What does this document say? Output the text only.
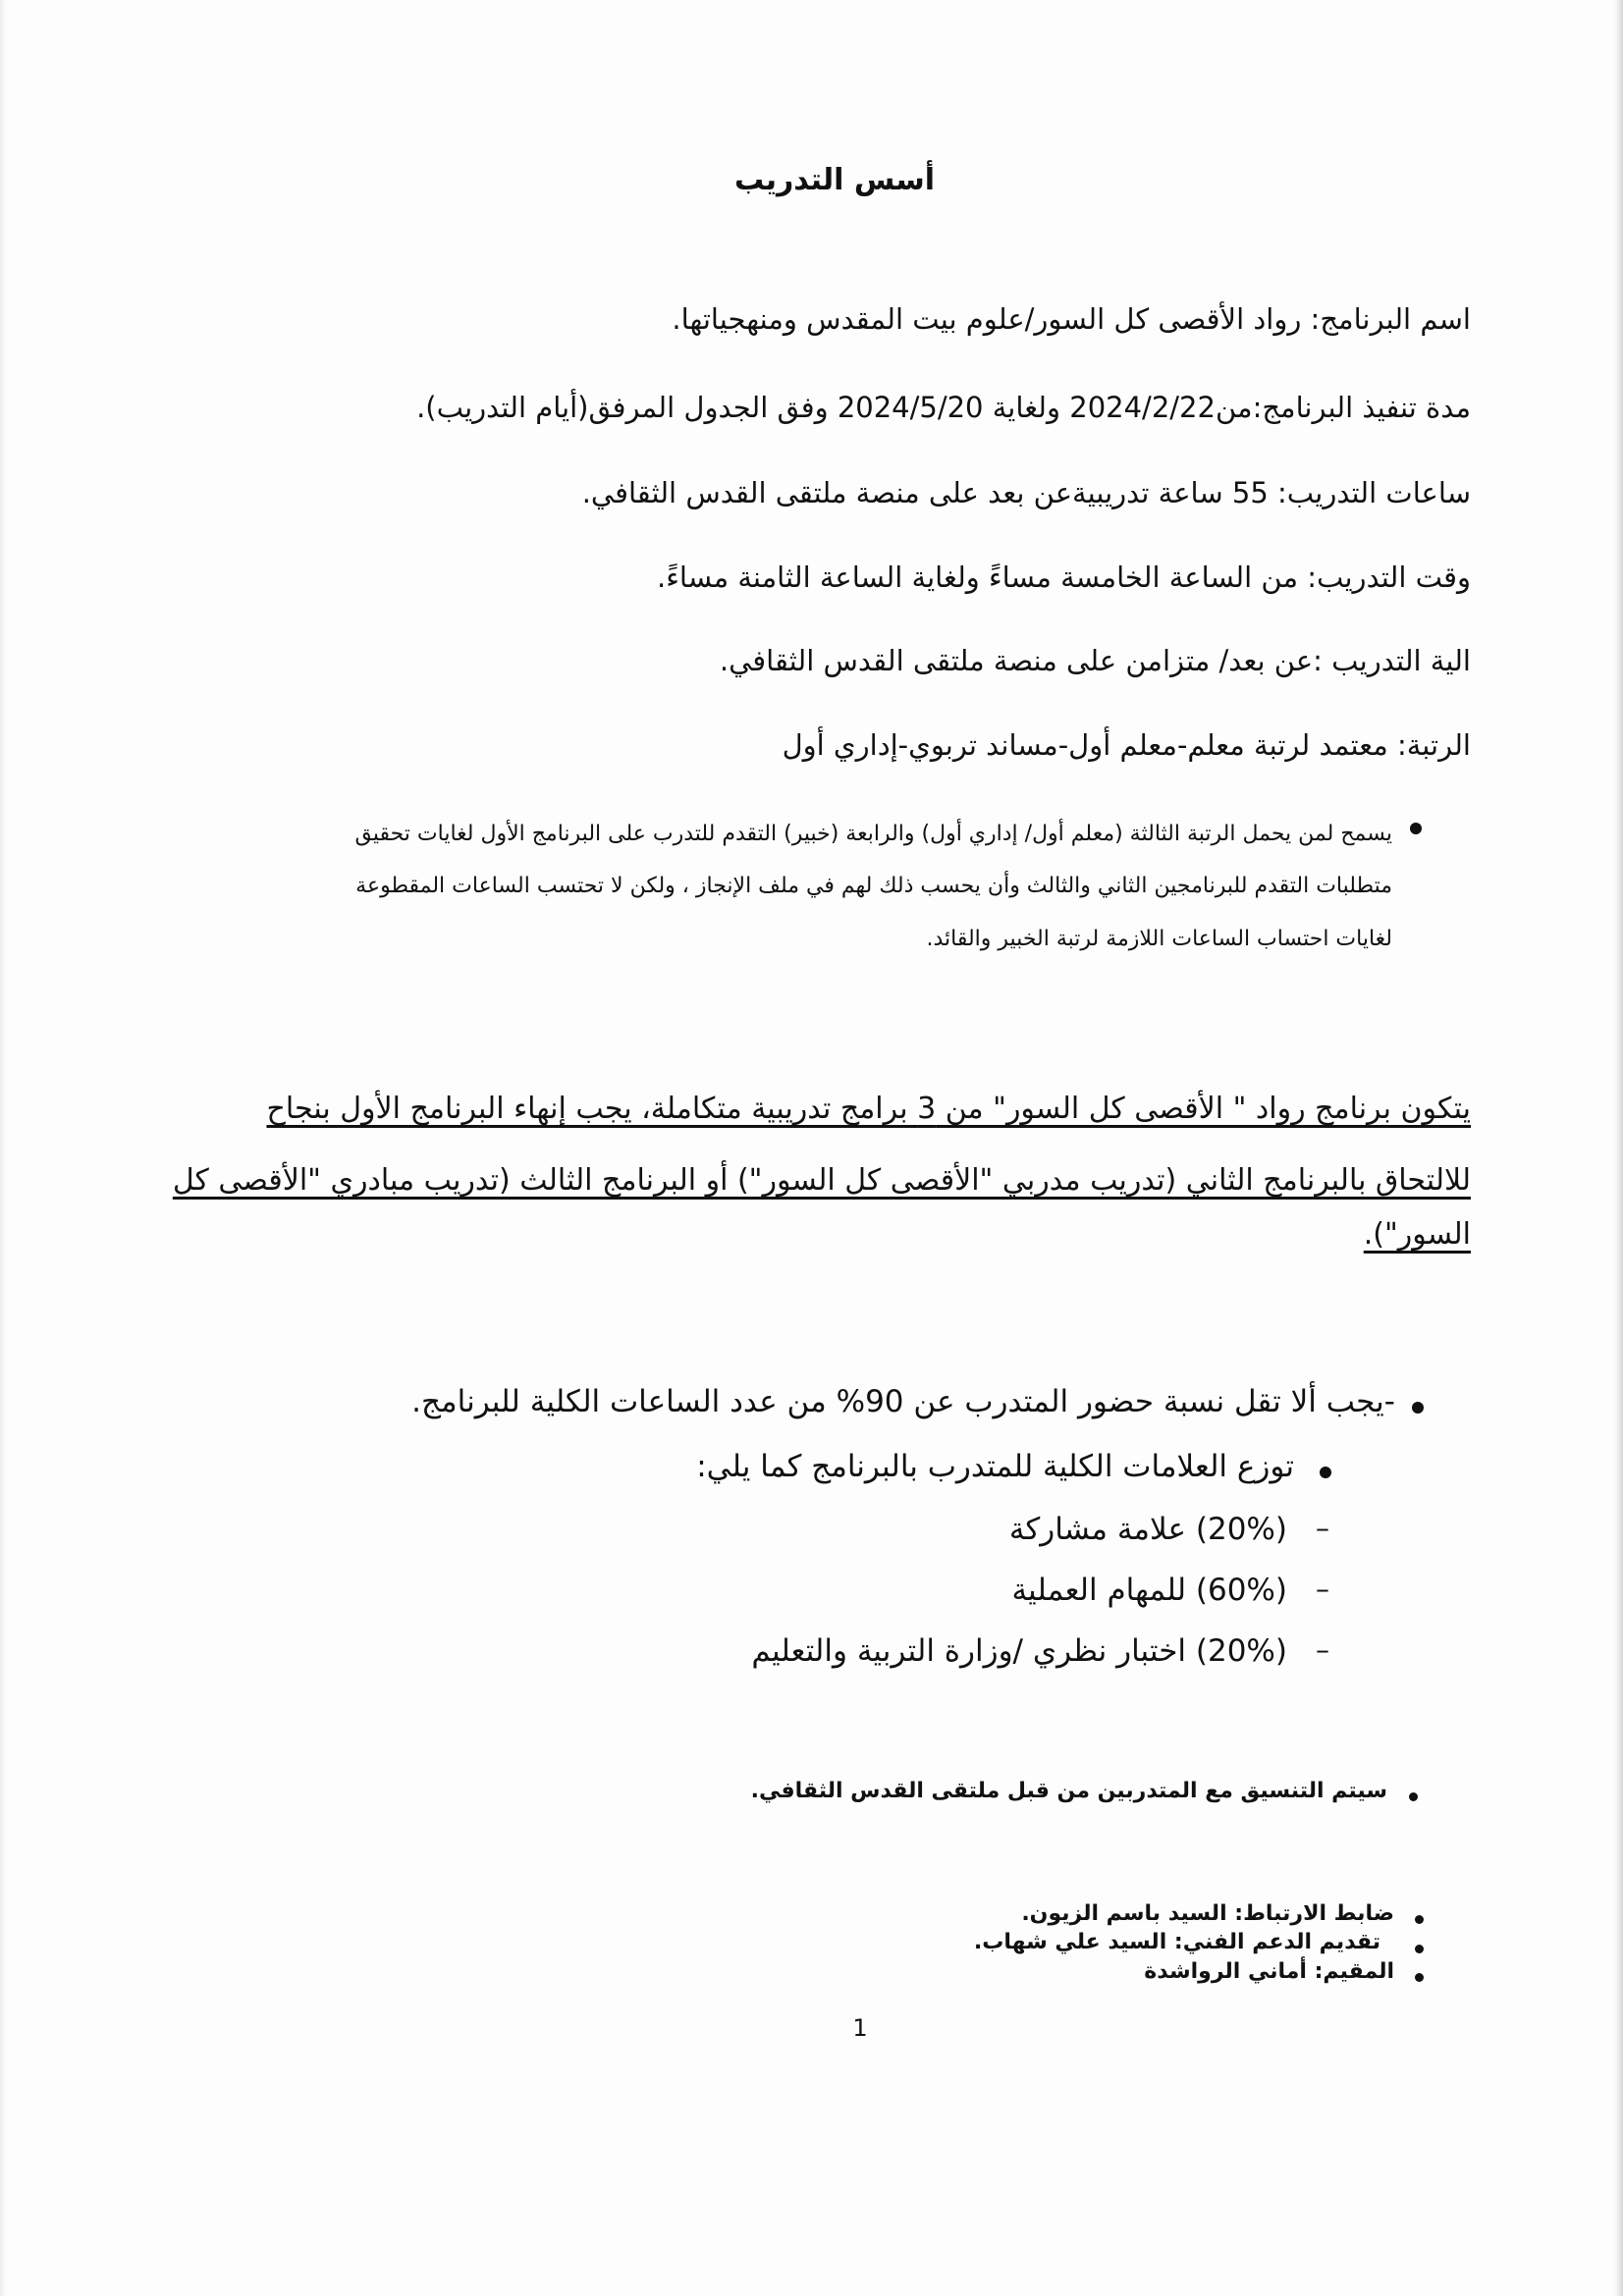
أسس التدريب
اسم البرنامج: رواد الأقصى كل السور/علوم بيت المقدس ومنهجياتها.
مدة تنفيذ البرنامج:من2024/2/22 ولغاية 2024/5/20 وفق الجدول المرفق(أيام التدريب).
ساعات التدريب: 55 ساعة تدريبيةعن بعد على منصة ملتقى القدس الثقافي.
وقت التدريب: من الساعة الخامسة مساءً ولغاية الساعة الثامنة مساءً.
الية التدريب :عن بعد/ متزامن على منصة ملتقى القدس الثقافي.
الرتبة: معتمد لرتبة معلم-معلم أول-مساند تربوي-إداري أول
يسمح لمن يحمل الرتبة الثالثة (معلم أول/ إداري أول) والرابعة (خبير) التقدم للتدرب على البرنامج الأول لغايات تحقيق
متطلبات التقدم للبرنامجين الثاني والثالث وأن يحسب ذلك لهم في ملف الإنجاز ، ولكن لا تحتسب الساعات المقطوعة
لغايات احتساب الساعات اللازمة لرتبة الخبير والقائد.
يتكون برنامج رواد " الأقصى كل السور" من 3 برامج تدريبية متكاملة، يجب إنهاء البرنامج الأول بنجاح
للالتحاق بالبرنامج الثاني (تدريب مدربي "الأقصى كل السور") أو البرنامج الثالث (تدريب مبادري "الأقصى كل
السور").
-يجب ألا تقل نسبة حضور المتدرب عن 90% من عدد الساعات الكلية للبرنامج.
توزع العلامات الكلية للمتدرب بالبرنامج كما يلي:
–
(20%) علامة مشاركة
–
(60%) للمهام العملية
–
(20%) اختبار نظري /وزارة التربية والتعليم
سيتم التنسيق مع المتدربين من قبل ملتقى القدس الثقافي.
ضابط الارتباط: السيد باسم الزيون.
تقديم الدعم الفني: السيد علي شهاب.
المقيم: أماني الرواشدة
1
